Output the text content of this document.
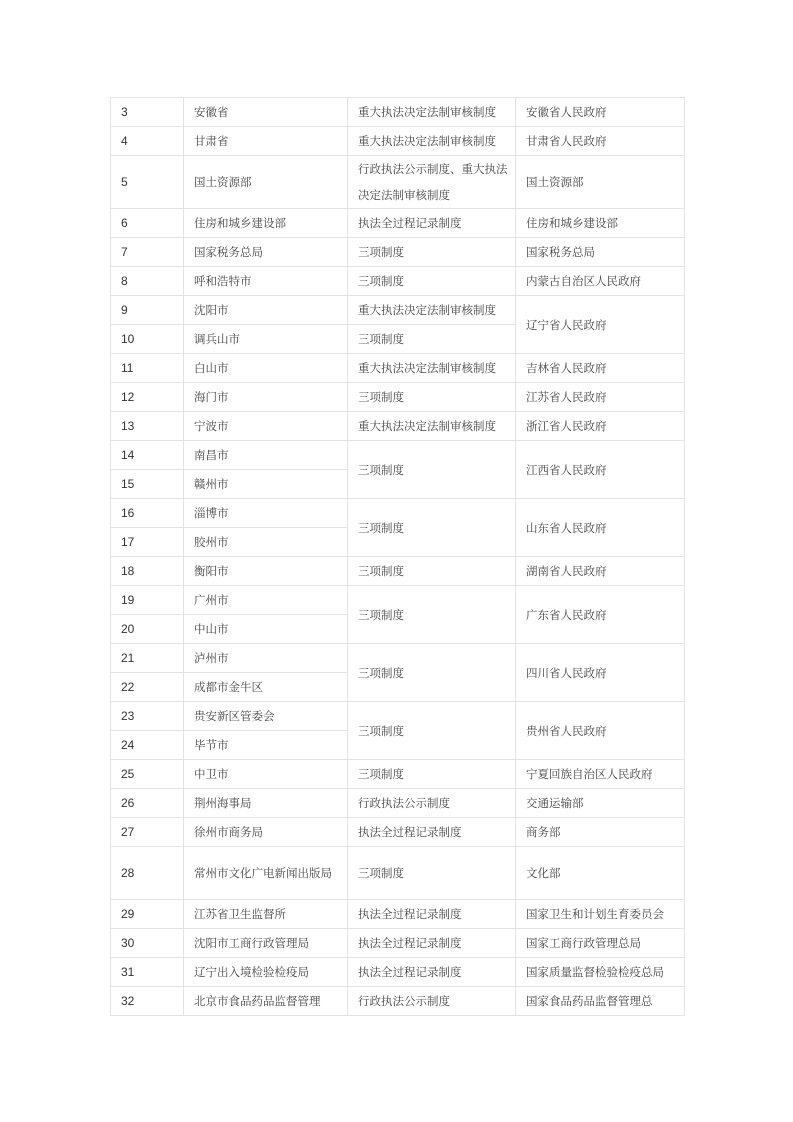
3	安徽省	重大执法决定法制审核制度	安徽省人民政府
4	甘肃省	重大执法决定法制审核制度	甘肃省人民政府
5	国土资源部	行政执法公示制度、重大执法决定法制审核制度	国土资源部
6	住房和城乡建设部	执法全过程记录制度	住房和城乡建设部
7	国家税务总局	三项制度	国家税务总局
8	呼和浩特市	三项制度	内蒙古自治区人民政府
9	沈阳市	重大执法决定法制审核制度	辽宁省人民政府
10	调兵山市	三项制度	
11	白山市	重大执法决定法制审核制度	吉林省人民政府
12	海门市	三项制度	江苏省人民政府
13	宁波市	重大执法决定法制审核制度	浙江省人民政府
14	南昌市	三项制度	江西省人民政府
15	赣州市		
16	淄博市	三项制度	山东省人民政府
17	胶州市		
18	衡阳市	三项制度	湖南省人民政府
19	广州市	三项制度	广东省人民政府
20	中山市		
21	泸州市	三项制度	四川省人民政府
22	成都市金牛区		
23	贵安新区管委会	三项制度	贵州省人民政府
24	毕节市		
25	中卫市	三项制度	宁夏回族自治区人民政府
26	荆州海事局	行政执法公示制度	交通运输部
27	徐州市商务局	执法全过程记录制度	商务部
28	常州市文化广电新闻出版局	三项制度	文化部
29	江苏省卫生监督所	执法全过程记录制度	国家卫生和计划生育委员会
30	沈阳市工商行政管理局	执法全过程记录制度	国家工商行政管理总局
31	辽宁出入境检验检疫局	执法全过程记录制度	国家质量监督检验检疫总局
32	北京市食品药品监督管理	行政执法公示制度	国家食品药品监督管理总
